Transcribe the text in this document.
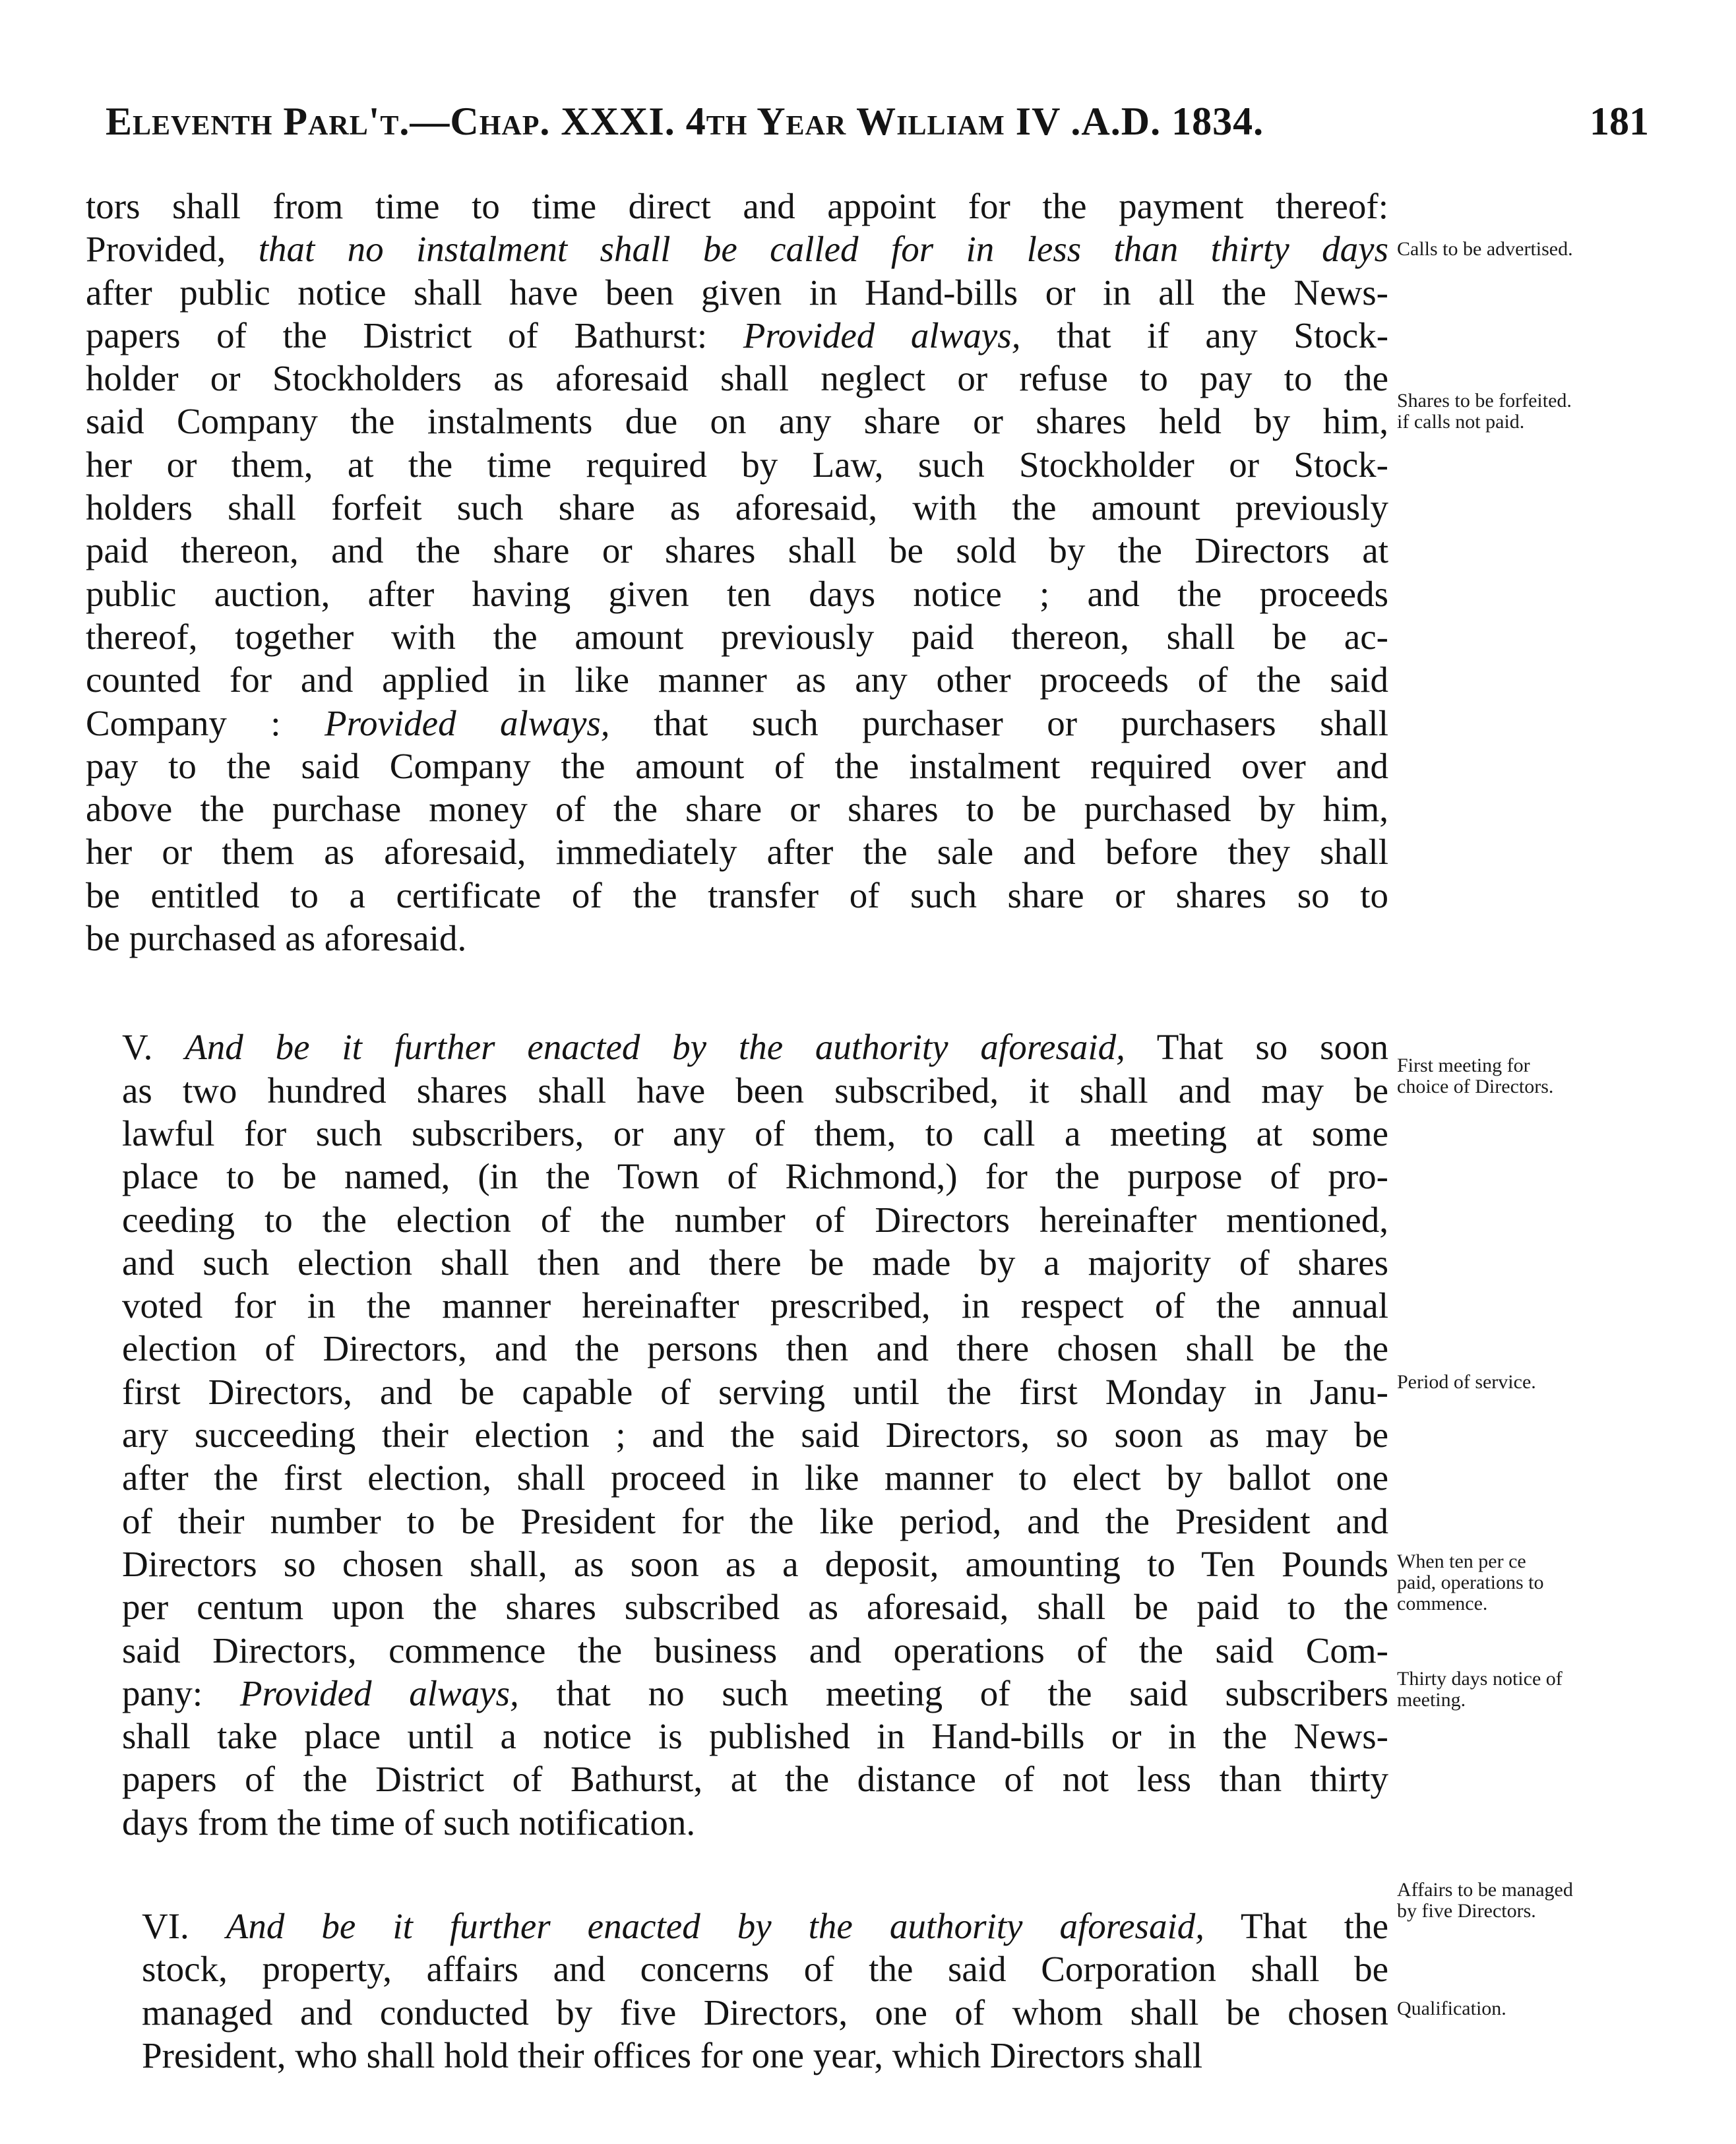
Eleventh Parl't.—Chap. XXXI. 4th Year William IV .A.D. 1834.	181
tors shall from time to time direct and appoint for the payment thereof:
Provided, that no instalment shall be called for in less than thirty days
after public notice shall have been given in Hand-bills or in all the News-
papers of the District of Bathurst: Provided always, that if any Stock-
holder or Stockholders as aforesaid shall neglect or refuse to pay to the
said Company the instalments due on any share or shares held by him,
her or them, at the time required by Law, such Stockholder or Stock-
holders shall forfeit such share as aforesaid, with the amount previously
paid thereon, and the share or shares shall be sold by the Directors at
public auction, after having given ten days notice ; and the proceeds
thereof, together with the amount previously paid thereon, shall be ac-
counted for and applied in like manner as any other proceeds of the said
Company : Provided always, that such purchaser or purchasers shall
pay to the said Company the amount of the instalment required over and
above the purchase money of the share or shares to be purchased by him,
her or them as aforesaid, immediately after the sale and before they shall
be entitled to a certificate of the transfer of such share or shares so to
be purchased as aforesaid.
V. And be it further enacted by the authority aforesaid, That so soon
as two hundred shares shall have been subscribed, it shall and may be
lawful for such subscribers, or any of them, to call a meeting at some
place to be named, (in the Town of Richmond,) for the purpose of pro-
ceeding to the election of the number of Directors hereinafter mentioned,
and such election shall then and there be made by a majority of shares
voted for in the manner hereinafter prescribed, in respect of the annual
election of Directors, and the persons then and there chosen shall be the
first Directors, and be capable of serving until the first Monday in Janu-
ary succeeding their election ; and the said Directors, so soon as may be
after the first election, shall proceed in like manner to elect by ballot one
of their number to be President for the like period, and the President and
Directors so chosen shall, as soon as a deposit, amounting to Ten Pounds
per centum upon the shares subscribed as aforesaid, shall be paid to the
said Directors, commence the business and operations of the said Com-
pany: Provided always, that no such meeting of the said subscribers
shall take place until a notice is published in Hand-bills or in the News-
papers of the District of Bathurst, at the distance of not less than thirty
days from the time of such notification.
VI. And be it further enacted by the authority aforesaid, That the
stock, property, affairs and concerns of the said Corporation shall be
managed and conducted by five Directors, one of whom shall be chosen
President, who shall hold their offices for one year, which Directors shall
Calls to be advertised.
Shares to be forfeited.
if calls not paid.
First meeting for
choice of Directors.
Period of service.
When ten per ce
paid, operations to
commence.
Thirty days notice of
meeting.
Affairs to be managed
by five Directors.
Qualification.
